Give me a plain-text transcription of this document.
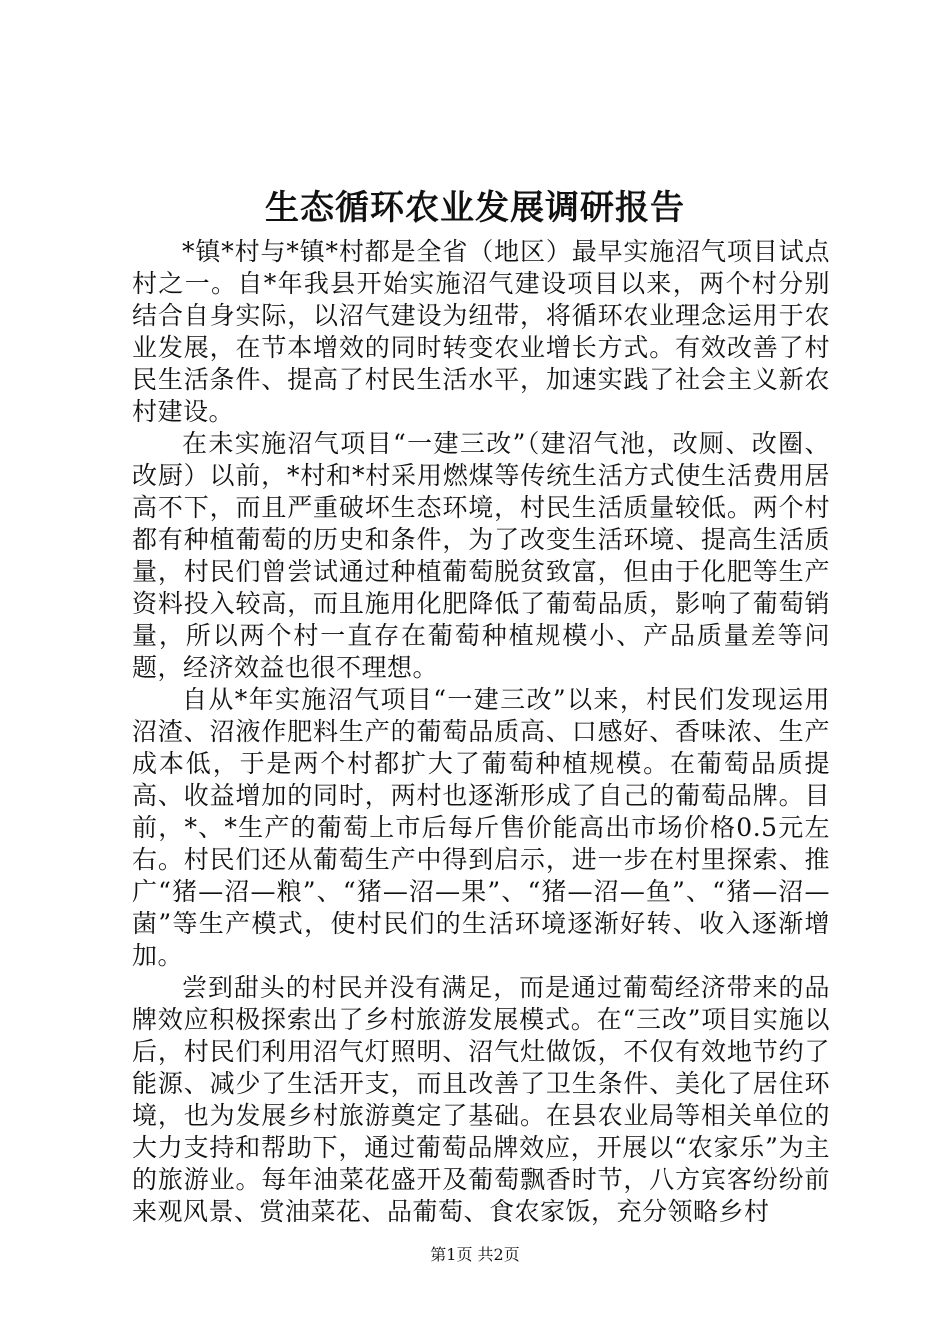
生态循环农业发展调研报告

*镇*村与*镇*村都是全省（地区）最早实施沼气项目试点村之一。自*年我县开始实施沼气建设项目以来，两个村分别结合自身实际，以沼气建设为纽带，将循环农业理念运用于农业发展，在节本增效的同时转变农业增长方式。有效改善了村民生活条件、提高了村民生活水平，加速实践了社会主义新农村建设。

在未实施沼气项目“一建三改”（建沼气池，改厕、改圈、改厨）以前，*村和*村采用燃煤等传统生活方式使生活费用居高不下，而且严重破坏生态环境，村民生活质量较低。两个村都有种植葡萄的历史和条件，为了改变生活环境、提高生活质量，村民们曾尝试通过种植葡萄脱贫致富，但由于化肥等生产资料投入较高，而且施用化肥降低了葡萄品质，影响了葡萄销量，所以两个村一直存在葡萄种植规模小、产品质量差等问题，经济效益也很不理想。

自从*年实施沼气项目“一建三改”以来，村民们发现运用沼渣、沼液作肥料生产的葡萄品质高、口感好、香味浓、生产成本低，于是两个村都扩大了葡萄种植规模。在葡萄品质提高、收益增加的同时，两村也逐渐形成了自己的葡萄品牌。目前，*、*生产的葡萄上市后每斤售价能高出市场价格0.5元左右。村民们还从葡萄生产中得到启示，进一步在村里探索、推广“猪—沼—粮”、“猪—沼—果”、“猪—沼—鱼”、“猪—沼—菌”等生产模式，使村民们的生活环境逐渐好转、收入逐渐增加。

尝到甜头的村民并没有满足，而是通过葡萄经济带来的品牌效应积极探索出了乡村旅游发展模式。在“三改”项目实施以后，村民们利用沼气灯照明、沼气灶做饭，不仅有效地节约了能源、减少了生活开支，而且改善了卫生条件、美化了居住环境，也为发展乡村旅游奠定了基础。在县农业局等相关单位的大力支持和帮助下，通过葡萄品牌效应，开展以“农家乐”为主的旅游业。每年油菜花盛开及葡萄飘香时节，八方宾客纷纷前来观风景、赏油菜花、品葡萄、食农家饭，充分领略乡村

第1页 共2页
